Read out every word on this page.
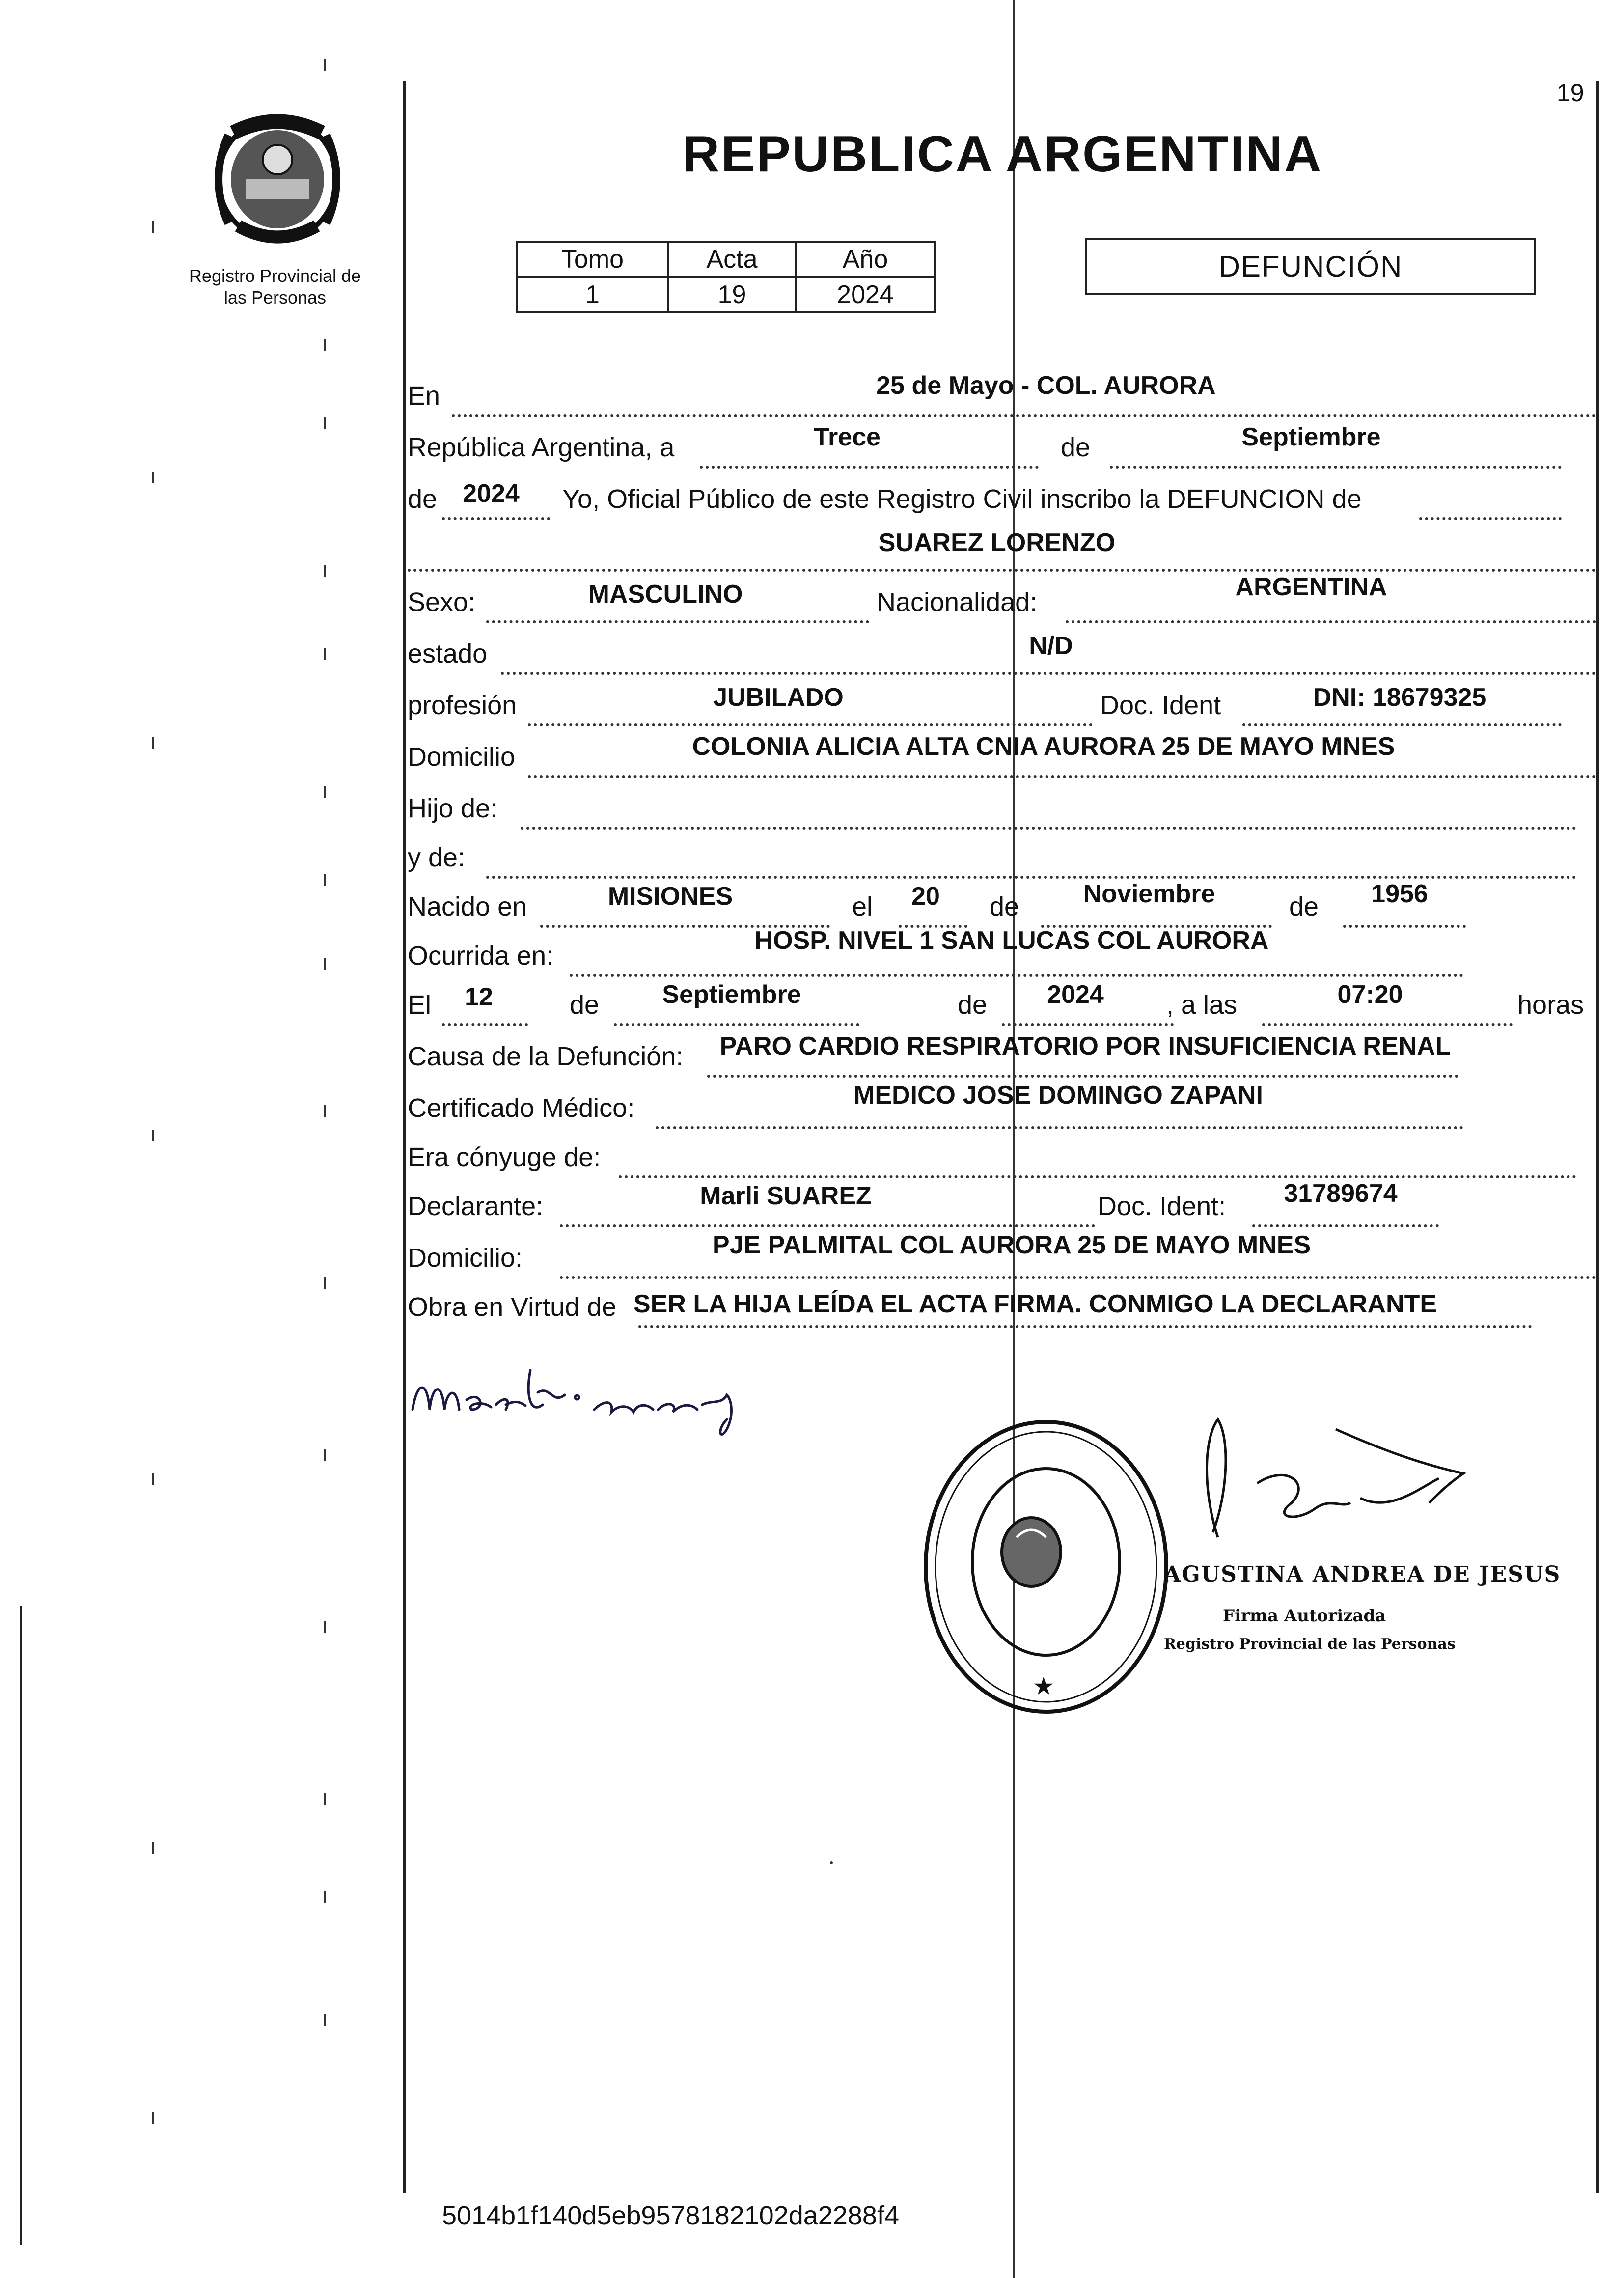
19
Registro Provincial de
las Personas
REPUBLICA ARGENTINA
Tomo	Acta	Año
1	19	2024
DEFUNCIÓN
En	25 de Mayo - COL. AURORA
República Argentina, a	Trece	de	Septiembre
de	2024	Yo, Oficial Público de este Registro Civil inscribo la DEFUNCION de
SUAREZ LORENZO
Sexo:	MASCULINO	Nacionalidad:
ARGENTINA
estado	N/D
profesión	JUBILADO	Doc. Ident	DNI: 18679325
Domicilio	COLONIA ALICIA ALTA CNIA AURORA 25 DE MAYO MNES
Hijo de:
y de:
Nacido en	MISIONES	el	20	de	Noviembre	de	1956
Ocurrida en:
HOSP. NIVEL 1 SAN LUCAS COL AURORA
El	12	de	Septiembre	de	2024	, a las	07:20	horas
Causa de la Defunción:	PARO CARDIO RESPIRATORIO POR INSUFICIENCIA RENAL
Certificado Médico:	MEDICO JOSE DOMINGO ZAPANI
Era cónyuge de:
Declarante:	Marli SUAREZ	Doc. Ident:	31789674
Domicilio:	PJE PALMITAL COL AURORA 25 DE MAYO MNES
Obra en Virtud de SER LA HIJA LEÍDA EL ACTA FIRMA. CONMIGO LA DECLARANTE
★
AGUSTINA ANDREA DE JESUS
Firma Autorizada
Registro Provincial de las Personas
5014b1f140d5eb9578182102da2288f4
